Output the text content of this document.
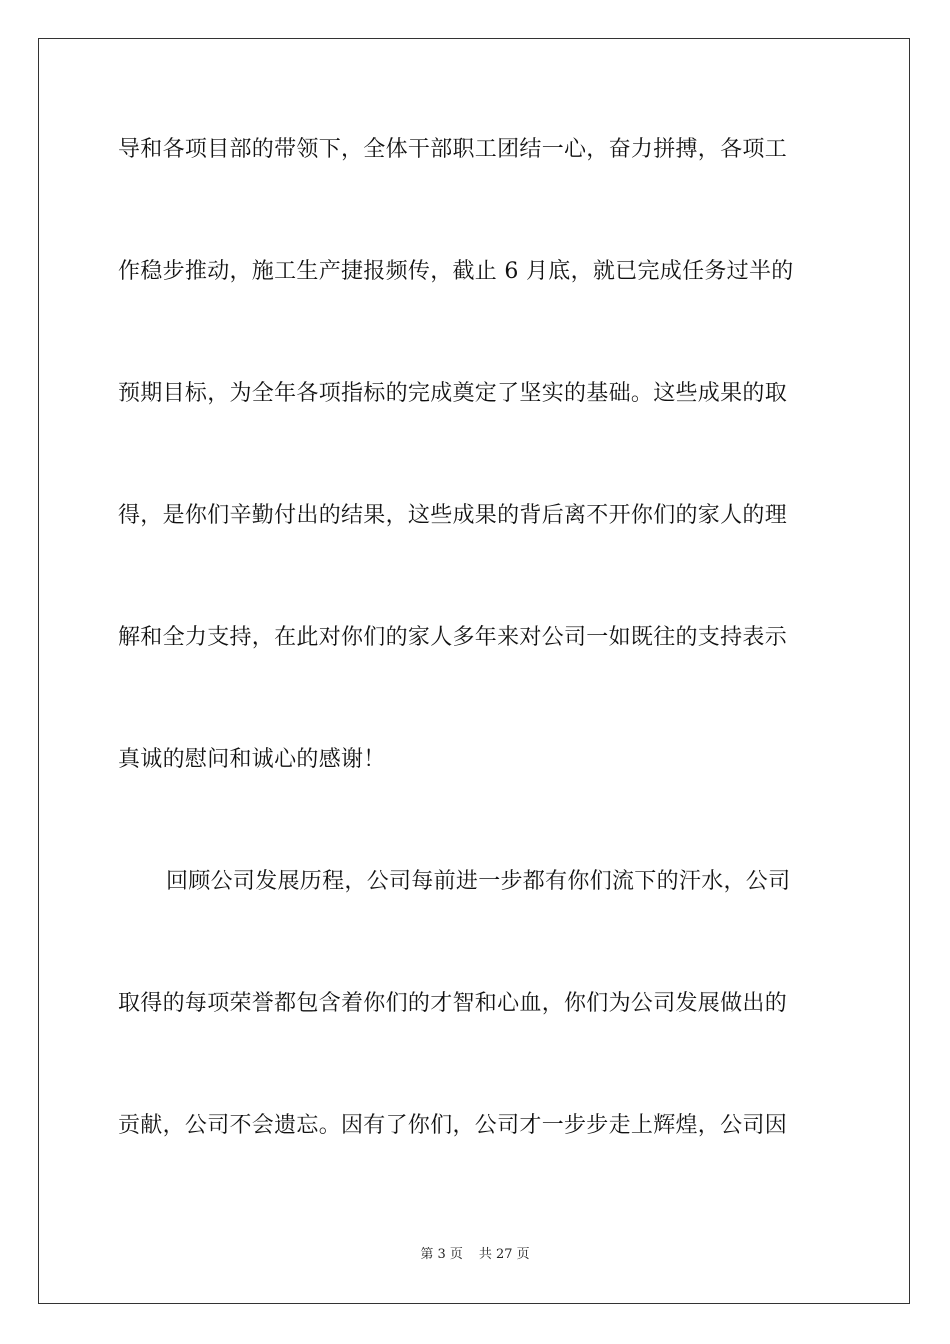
导和各项目部的带领下，全体干部职工团结一心，奋力拼搏，各项工
作稳步推动，施工生产捷报频传，截止 6 月底，就已完成任务过半的
预期目标，为全年各项指标的完成奠定了坚实的基础。这些成果的取
得，是你们辛勤付出的结果，这些成果的背后离不开你们的家人的理
解和全力支持，在此对你们的家人多年来对公司一如既往的支持表示
真诚的慰问和诚心的感谢！
回顾公司发展历程，公司每前进一步都有你们流下的汗水，公司
取得的每项荣誉都包含着你们的才智和心血，你们为公司发展做出的
贡献，公司不会遗忘。因有了你们，公司才一步步走上辉煌，公司因
第 3 页 共 27 页
